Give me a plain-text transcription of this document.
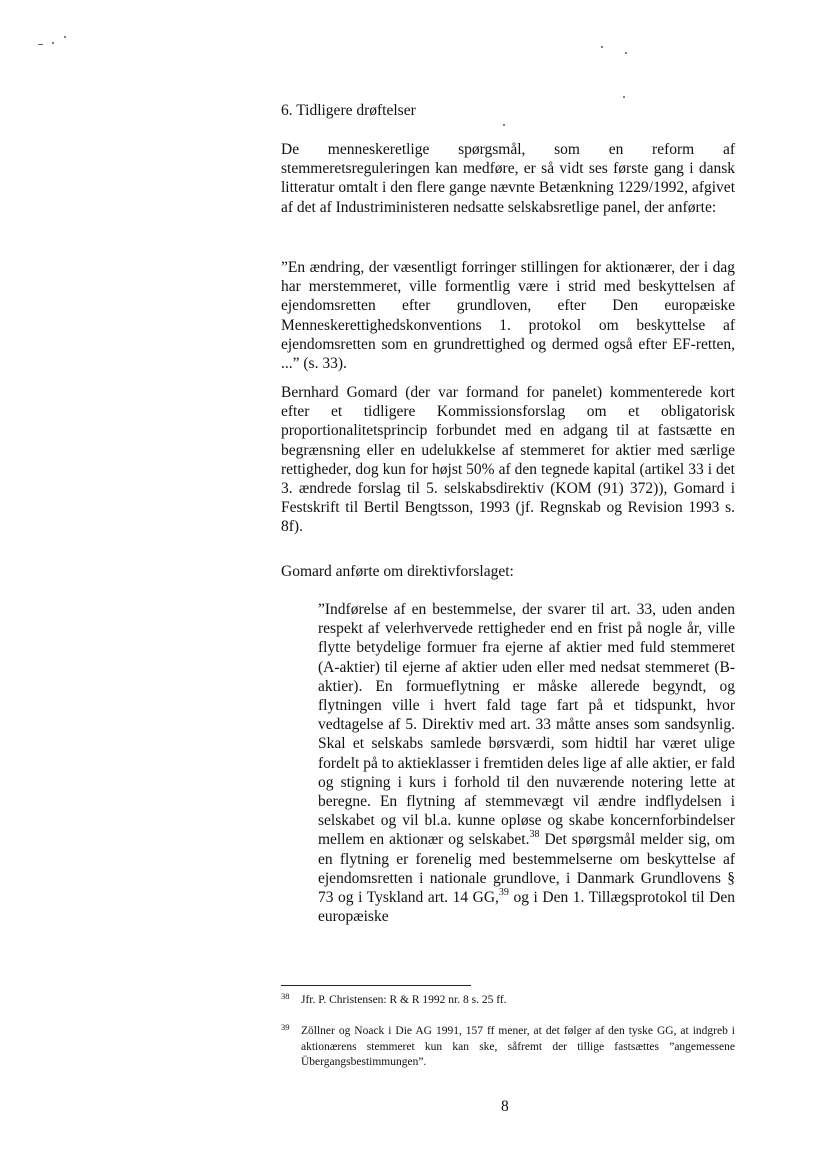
6. Tidligere drøftelser

De menneskeretlige spørgsmål, som en reform af stemmeretsreguleringen kan medføre, er så vidt ses første gang i dansk litteratur omtalt i den flere gange nævnte Betænkning 1229/1992, afgivet af det af Industriministeren nedsatte selskabsretlige panel, der anførte:

”En ændring, der væsentligt forringer stillingen for aktionærer, der i dag har merstemmeret, ville formentlig være i strid med beskyttelsen af ejendomsretten efter grundloven, efter Den europæiske Menneskerettighedskonventions 1. protokol om beskyttelse af ejendomsretten som en grundrettighed og dermed også efter EF-retten, ...” (s. 33).

Bernhard Gomard (der var formand for panelet) kommenterede kort efter et tidligere Kommissionsforslag om et obligatorisk proportionalitetsprincip forbundet med en adgang til at fastsætte en begrænsning eller en udelukkelse af stemmeret for aktier med særlige rettigheder, dog kun for højst 50% af den tegnede kapital (artikel 33 i det 3. ændrede forslag til 5. selskabsdirektiv (KOM (91) 372)), Gomard i Festskrift til Bertil Bengtsson, 1993 (jf. Regnskab og Revision 1993 s. 8f).

Gomard anførte om direktivforslaget:

”Indførelse af en bestemmelse, der svarer til art. 33, uden anden respekt af velerhvervede rettigheder end en frist på nogle år, ville flytte betydelige formuer fra ejerne af aktier med fuld stemmeret (A-aktier) til ejerne af aktier uden eller med nedsat stemmeret (B-aktier). En formueflytning er måske allerede begyndt, og flytningen ville i hvert fald tage fart på et tidspunkt, hvor vedtagelse af 5. Direktiv med art. 33 måtte anses som sandsynlig. Skal et selskabs samlede børsværdi, som hidtil har været ulige fordelt på to aktieklasser i fremtiden deles lige af alle aktier, er fald og stigning i kurs i forhold til den nuværende notering lette at beregne. En flytning af stemmevægt vil ændre indflydelsen i selskabet og vil bl.a. kunne opløse og skabe koncernforbindelser mellem en aktionær og selskabet.$^{38}$ Det spørgsmål melder sig, om en flytning er forenelig med bestemmelserne om beskyttelse af ejendomsretten i nationale grundlove, i Danmark Grundlovens § 73 og i Tyskland art. 14 GG,$^{39}$ og i Den 1. Tillægsprotokol til Den europæiske

38 Jfr. P. Christensen: R & R 1992 nr. 8 s. 25 ff.
39 Zöllner og Noack i Die AG 1991, 157 ff mener, at det følger af den tyske GG, at indgreb i aktionærens stemmeret kun kan ske, såfremt der tillige fastsættes ”angemessene Übergangsbestimmungen”.
8
